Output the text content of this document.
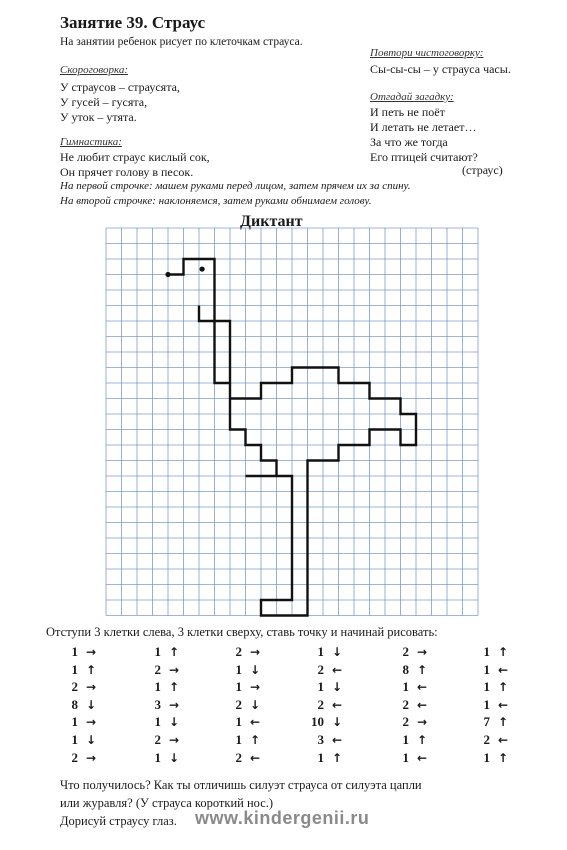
Занятие 39. Страус
На занятии ребенок рисует по клеточкам страуса.
Скороговорка:
У страусов – страусята,
У гусей – гусята,
У уток – утята.
Гимнастика:
Не любит страус кислый сок,
Он прячет голову в песок.
На первой строчке: машем руками перед лицом, затем прячем их за спину.
На второй строчке: наклоняемся, затем руками обнимаем голову.
Повтори чистоговорку:
Сы-сы-сы – у страуса часы.
Отгадай загадку:
И петь не поёт
И летать не летает…
За что же тогда
Его птицей считают?
(страус)
Диктант
Отступи 3 клетки слева, 3 клетки сверху, ставь точку и начинай рисовать:
1 →
1 ↑
2 →
8 ↓
1 →
1 ↓
2 →
1 ↑
2 →
1 ↑
3 →
1 ↓
2 →
1 ↓
2 →
1 ↓
1 →
2 ↓
1 ←
1 ↑
2 ←
1 ↓
2 ←
1 ↓
2 ←
10 ↓
3 ←
1 ↑
2 →
8 ↑
1 ←
2 ←
2 →
1 ↑
1 ←
1 ↑
1 ←
1 ↑
1 ←
7 ↑
2 ←
1 ↑
Что получилось? Как ты отличишь силуэт страуса от силуэта цапли
или журавля? (У страуса короткий нос.)
Дорисуй страусу глаз. www.kindergenii.ru
